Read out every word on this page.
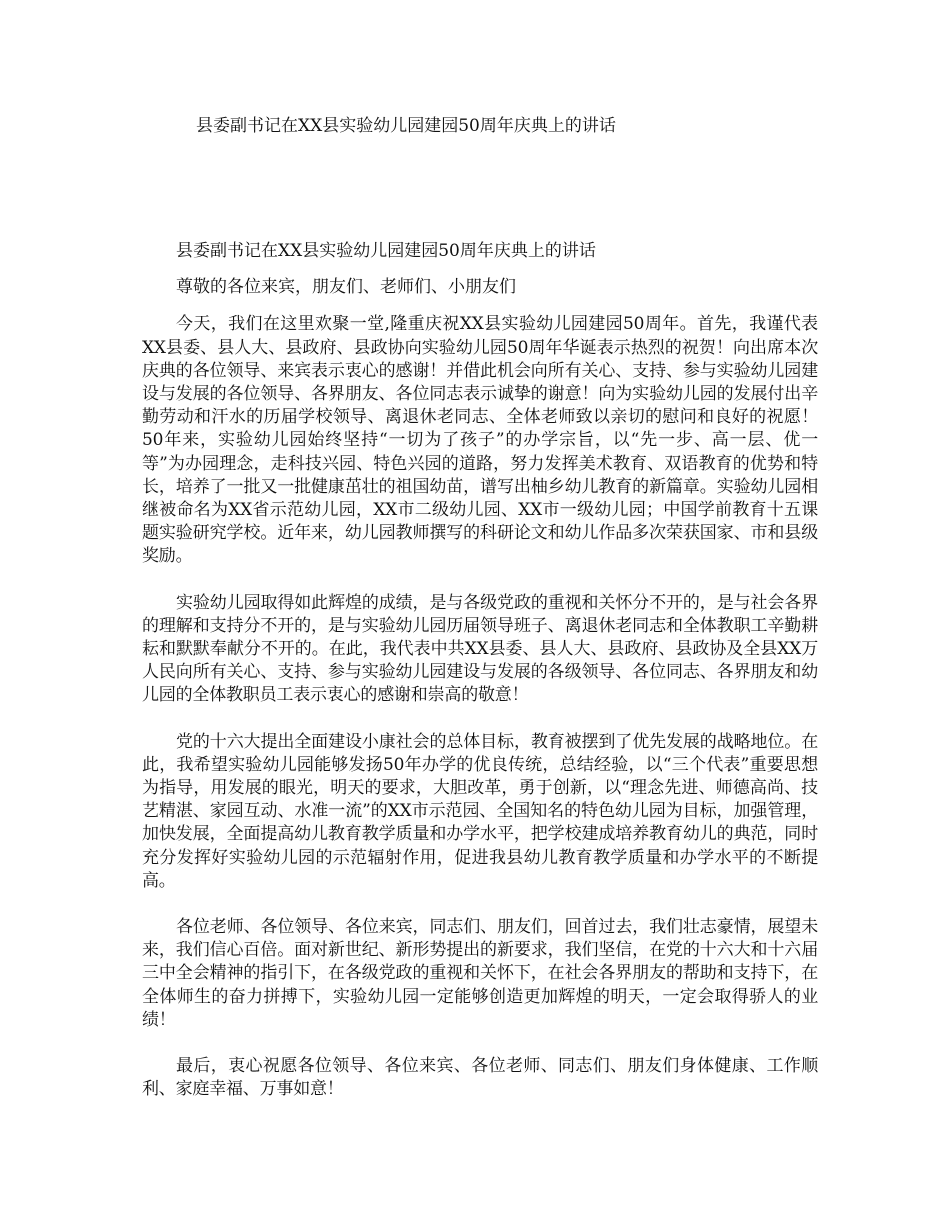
县委副书记在XX县实验幼儿园建园50周年庆典上的讲话

县委副书记在XX县实验幼儿园建园50周年庆典上的讲话

尊敬的各位来宾，朋友们、老师们、小朋友们

今天，我们在这里欢聚一堂,隆重庆祝XX县实验幼儿园建园50周年。首先，我谨代表XX县委、县人大、县政府、县政协向实验幼儿园50周年华诞表示热烈的祝贺！向出席本次庆典的各位领导、来宾表示衷心的感谢！并借此机会向所有关心、支持、参与实验幼儿园建设与发展的各位领导、各界朋友、各位同志表示诚挚的谢意！向为实验幼儿园的发展付出辛勤劳动和汗水的历届学校领导、离退休老同志、全体老师致以亲切的慰问和良好的祝愿！50年来，实验幼儿园始终坚持“一切为了孩子”的办学宗旨，以“先一步、高一层、优一等”为办园理念，走科技兴园、特色兴园的道路，努力发挥美术教育、双语教育的优势和特长，培养了一批又一批健康茁壮的祖国幼苗，谱写出柚乡幼儿教育的新篇章。实验幼儿园相继被命名为XX省示范幼儿园，XX市二级幼儿园、XX市一级幼儿园；中国学前教育十五课题实验研究学校。近年来，幼儿园教师撰写的科研论文和幼儿作品多次荣获国家、市和县级奖励。

实验幼儿园取得如此辉煌的成绩，是与各级党政的重视和关怀分不开的，是与社会各界的理解和支持分不开的，是与实验幼儿园历届领导班子、离退休老同志和全体教职工辛勤耕耘和默默奉献分不开的。在此，我代表中共XX县委、县人大、县政府、县政协及全县XX万人民向所有关心、支持、参与实验幼儿园建设与发展的各级领导、各位同志、各界朋友和幼儿园的全体教职员工表示衷心的感谢和崇高的敬意！

党的十六大提出全面建设小康社会的总体目标，教育被摆到了优先发展的战略地位。在此，我希望实验幼儿园能够发扬50年办学的优良传统，总结经验，以“三个代表”重要思想为指导，用发展的眼光，明天的要求，大胆改革，勇于创新，以“理念先进、师德高尚、技艺精湛、家园互动、水准一流”的XX市示范园、全国知名的特色幼儿园为目标，加强管理，加快发展，全面提高幼儿教育教学质量和办学水平，把学校建成培养教育幼儿的典范，同时充分发挥好实验幼儿园的示范辐射作用，促进我县幼儿教育教学质量和办学水平的不断提高。

各位老师、各位领导、各位来宾，同志们、朋友们，回首过去，我们壮志豪情，展望未来，我们信心百倍。面对新世纪、新形势提出的新要求，我们坚信，在党的十六大和十六届三中全会精神的指引下，在各级党政的重视和关怀下，在社会各界朋友的帮助和支持下，在全体师生的奋力拼搏下，实验幼儿园一定能够创造更加辉煌的明天，一定会取得骄人的业绩！

最后，衷心祝愿各位领导、各位来宾、各位老师、同志们、朋友们身体健康、工作顺利、家庭幸福、万事如意！
